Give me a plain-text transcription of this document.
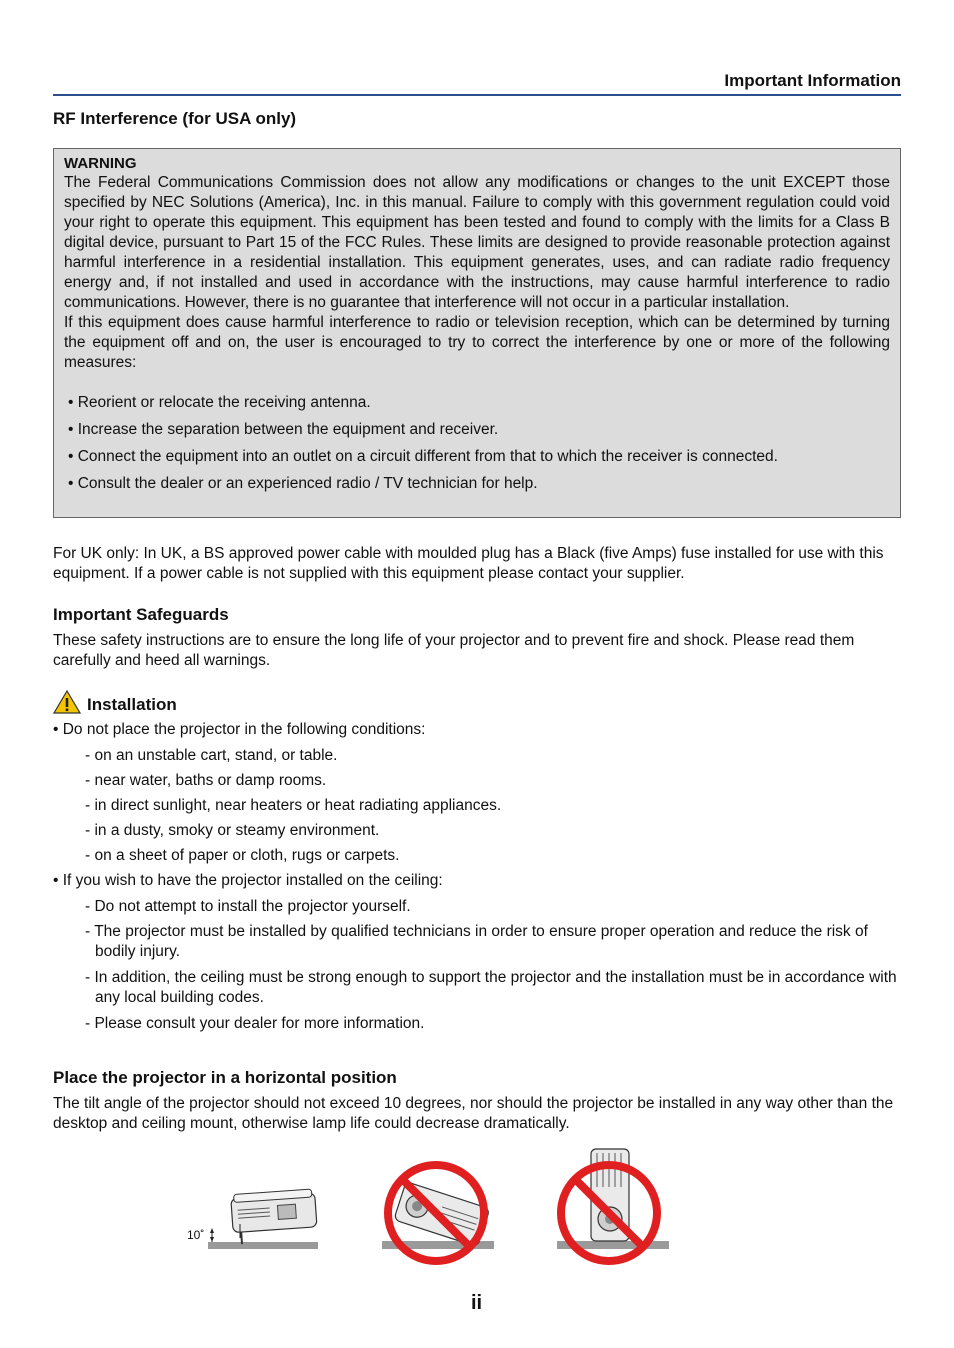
Important Information
RF Interference (for USA only)
WARNING

The Federal Communications Commission does not allow any modifications or changes to the unit EXCEPT those specified by NEC Solutions (America), Inc. in this manual. Failure to comply with this government regulation could void your right to operate this equipment. This equipment has been tested and found to comply with the limits for a Class B digital device, pursuant to Part 15 of the FCC Rules. These limits are designed to provide reasonable protection against harmful interference in a residential installation. This equipment generates, uses, and can radiate radio frequency energy and, if not installed and used in accordance with the instructions, may cause harmful interference to radio communications. However, there is no guarantee that interference will not occur in a particular installation.

If this equipment does cause harmful interference to radio or television reception, which can be determined by turning the equipment off and on, the user is encouraged to try to correct the interference by one or more of the following measures:

• Reorient or relocate the receiving antenna.
• Increase the separation between the equipment and receiver.
• Connect the equipment into an outlet on a circuit different from that to which the receiver is connected.
• Consult the dealer or an experienced radio / TV technician for help.

For UK only: In UK, a BS approved power cable with moulded plug has a Black (five Amps) fuse installed for use with this equipment. If a power cable is not supplied with this equipment please contact your supplier.

Important Safeguards

These safety instructions are to ensure the long life of your projector and to prevent fire and shock. Please read them carefully and heed all warnings.

Installation
• Do not place the projector in the following conditions:
- on an unstable cart, stand, or table.
- near water, baths or damp rooms.
- in direct sunlight, near heaters or heat radiating appliances.
- in a dusty, smoky or steamy environment.
- on a sheet of paper or cloth, rugs or carpets.
• If you wish to have the projector installed on the ceiling:
- Do not attempt to install the projector yourself.
- The projector must be installed by qualified technicians in order to ensure proper operation and reduce the risk of bodily injury.
- In addition, the ceiling must be strong enough to support the projector and the installation must be in accordance with any local building codes.
- Please consult your dealer for more information.
Place the projector in a horizontal position

The tilt angle of the projector should not exceed 10 degrees, nor should the projector be installed in any way other than the desktop and ceiling mount, otherwise lamp life could decrease dramatically.

10˚
ii
